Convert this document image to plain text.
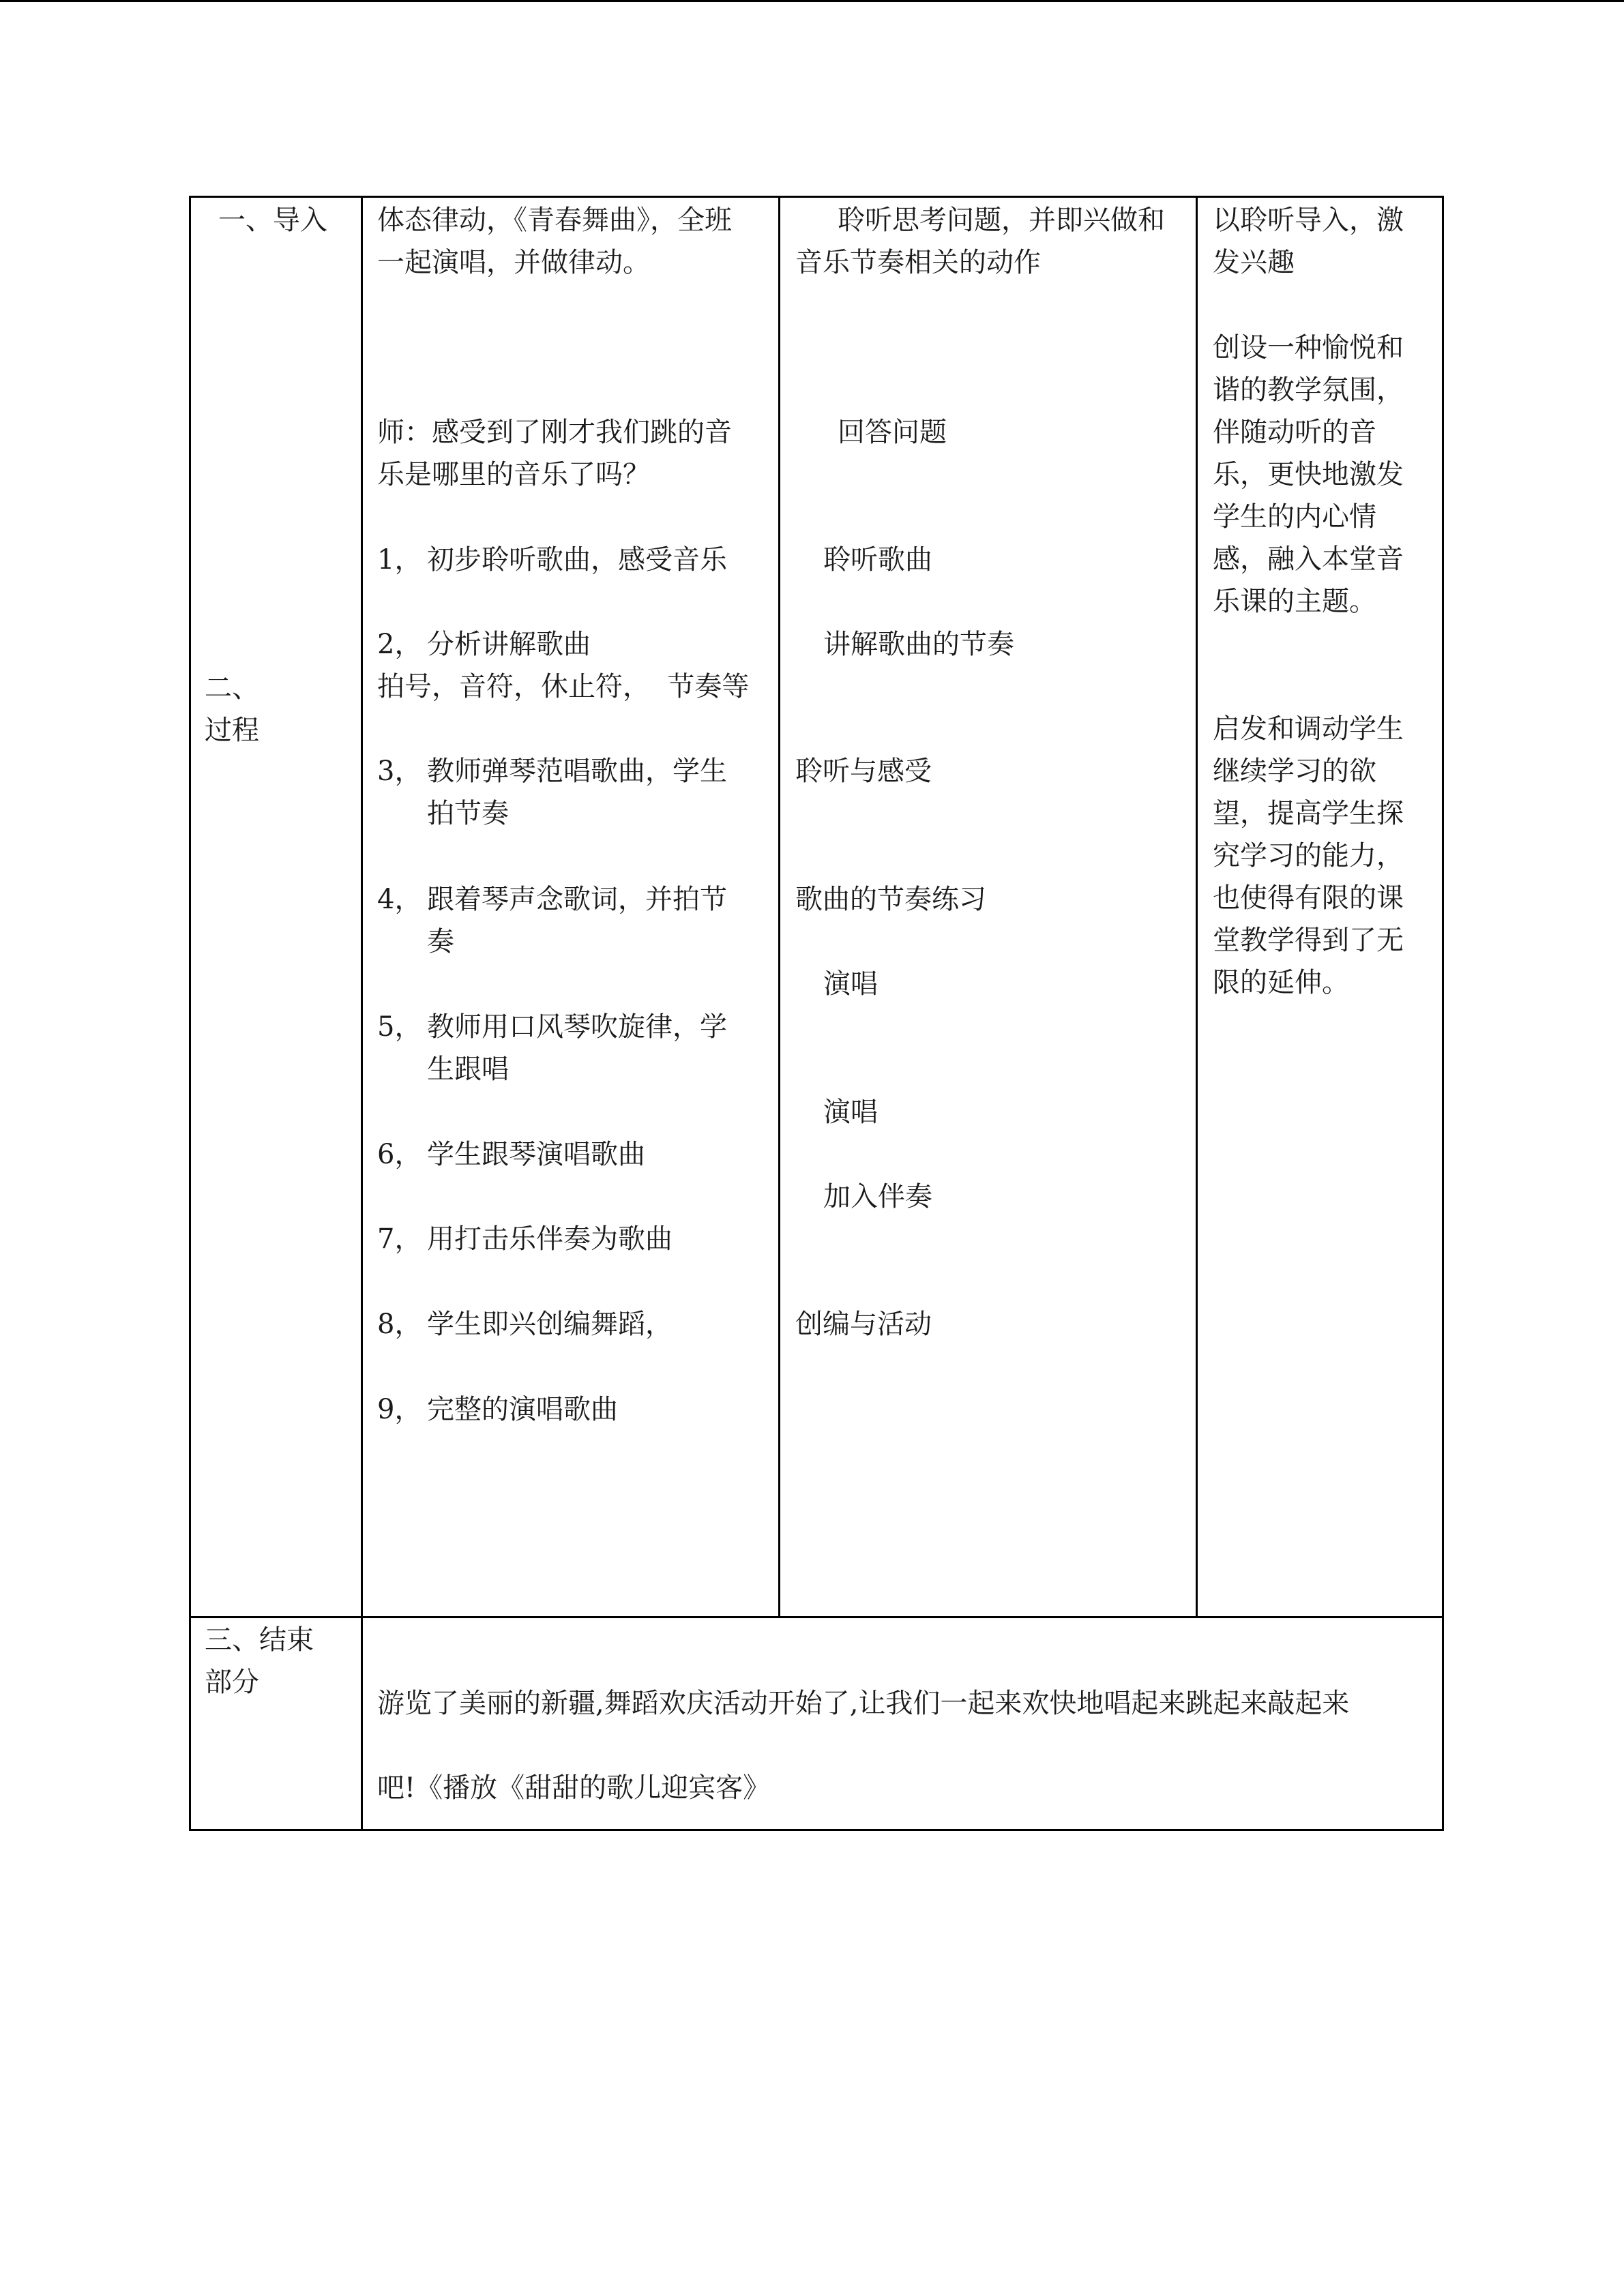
一、导入
二、
过程
三、结束
部分
体态律动，《青春舞曲》，全班
一起演唱，并做律动。
师：感受到了刚才我们跳的音
乐是哪里的音乐了吗？
1， 初步聆听歌曲，感受音乐
2， 分析讲解歌曲
拍号，音符，休止符，  节奏等
3， 教师弹琴范唱歌曲，学生
拍节奏
4， 跟着琴声念歌词，并拍节
奏
5， 教师用口风琴吹旋律，学
生跟唱
6， 学生跟琴演唱歌曲
7， 用打击乐伴奏为歌曲
8， 学生即兴创编舞蹈，
9， 完整的演唱歌曲
聆听思考问题，并即兴做和
音乐节奏相关的动作
回答问题
聆听歌曲
讲解歌曲的节奏
聆听与感受
歌曲的节奏练习
演唱
演唱
加入伴奏
创编与活动
以聆听导入，激
发兴趣
创设一种愉悦和
谐的教学氛围，
伴随动听的音
乐，更快地激发
学生的内心情
感，融入本堂音
乐课的主题。
启发和调动学生
继续学习的欲
望，提高学生探
究学习的能力，
也使得有限的课
堂教学得到了无
限的延伸。
游览了美丽的新疆,舞蹈欢庆活动开始了,让我们一起来欢快地唱起来跳起来敲起来
吧!《播放《甜甜的歌儿迎宾客》
